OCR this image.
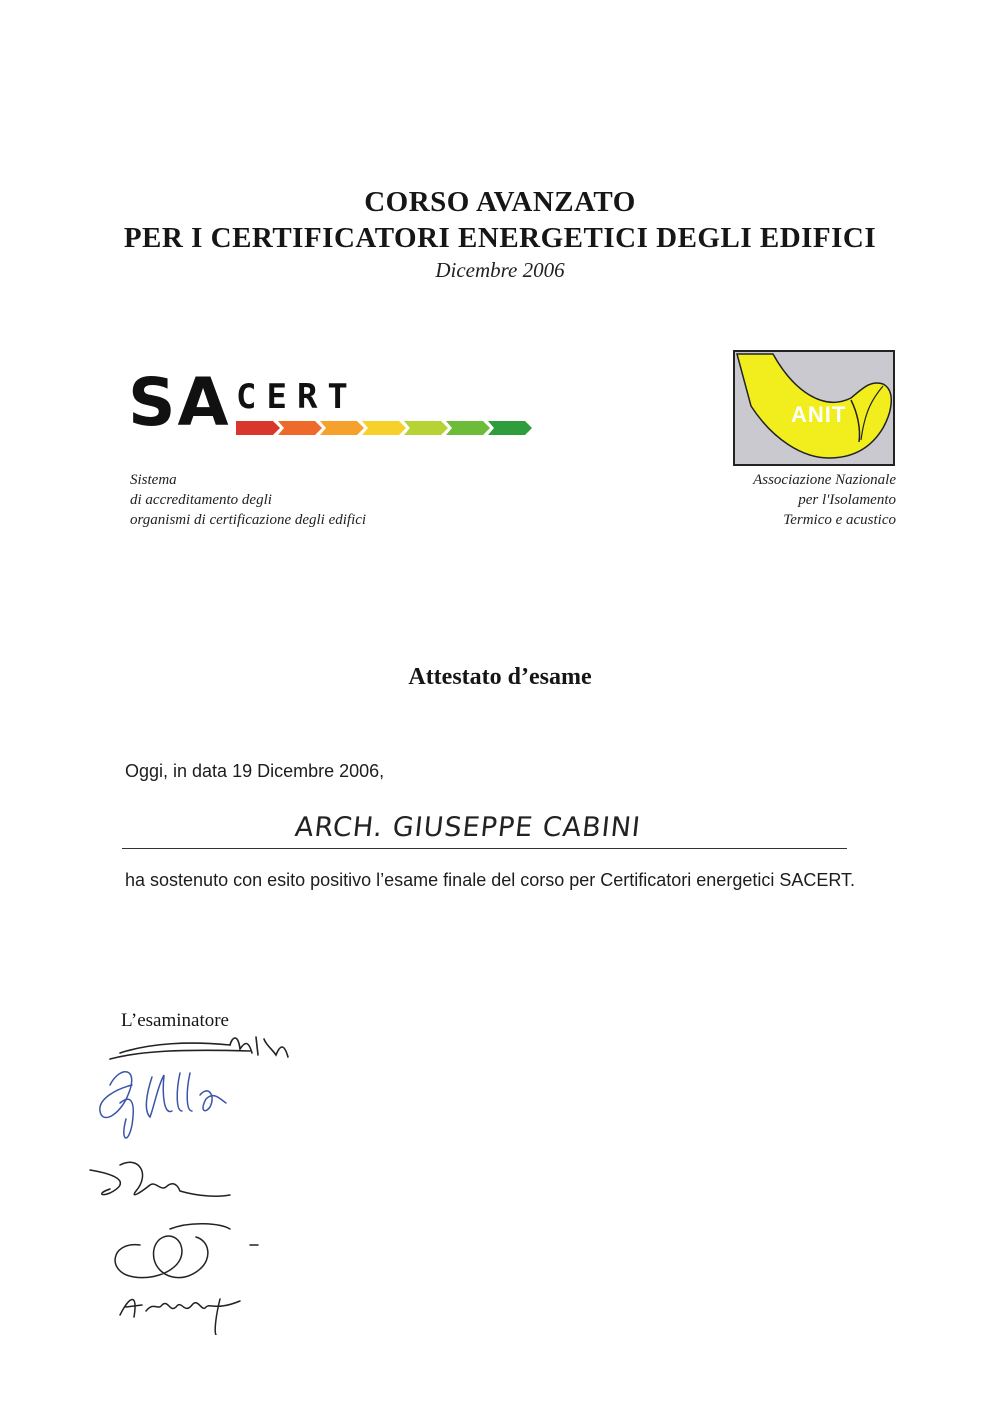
CORSO AVANZATO
PER I CERTIFICATORI ENERGETICI DEGLI EDIFICI
Dicembre 2006
SA CERT
Sistema
di accreditamento degli
organismi di certificazione degli edifici
ANIT
Associazione Nazionale
per l'Isolamento
Termico e acustico
Attestato d’esame
Oggi, in data 19 Dicembre 2006,
ARCH. GIUSEPPE CABINI
ha sostenuto con esito positivo l’esame finale del corso per Certificatori energetici SACERT.
L’esaminatore
